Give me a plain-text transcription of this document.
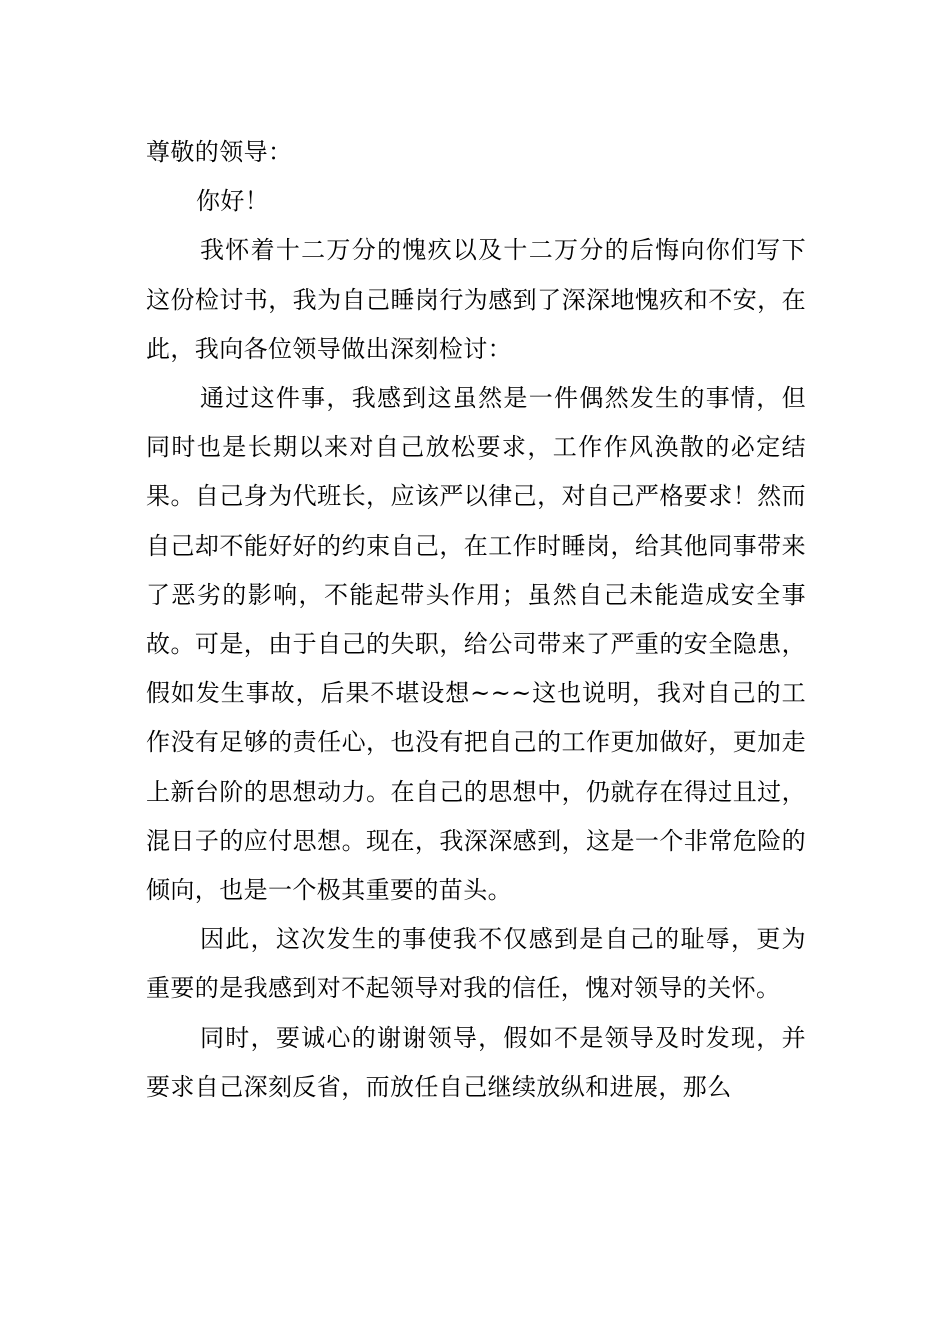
尊敬的领导：

你好！

我怀着十二万分的愧疚以及十二万分的后悔向你们写下这份检讨书，我为自己睡岗行为感到了深深地愧疚和不安，在此，我向各位领导做出深刻检讨：

通过这件事，我感到这虽然是一件偶然发生的事情，但同时也是长期以来对自己放松要求，工作作风涣散的必定结果。自己身为代班长，应该严以律己，对自己严格要求！然而自己却不能好好的约束自己，在工作时睡岗，给其他同事带来了恶劣的影响，不能起带头作用；虽然自己未能造成安全事故。可是，由于自己的失职，给公司带来了严重的安全隐患，假如发生事故，后果不堪设想~~~这也说明，我对自己的工作没有足够的责任心，也没有把自己的工作更加做好，更加走上新台阶的思想动力。在自己的思想中，仍就存在得过且过，混日子的应付思想。现在，我深深感到，这是一个非常危险的倾向，也是一个极其重要的苗头。

因此，这次发生的事使我不仅感到是自己的耻辱，更为重要的是我感到对不起领导对我的信任，愧对领导的关怀。

同时，要诚心的谢谢领导，假如不是领导及时发现，并要求自己深刻反省，而放任自己继续放纵和进展，那么
